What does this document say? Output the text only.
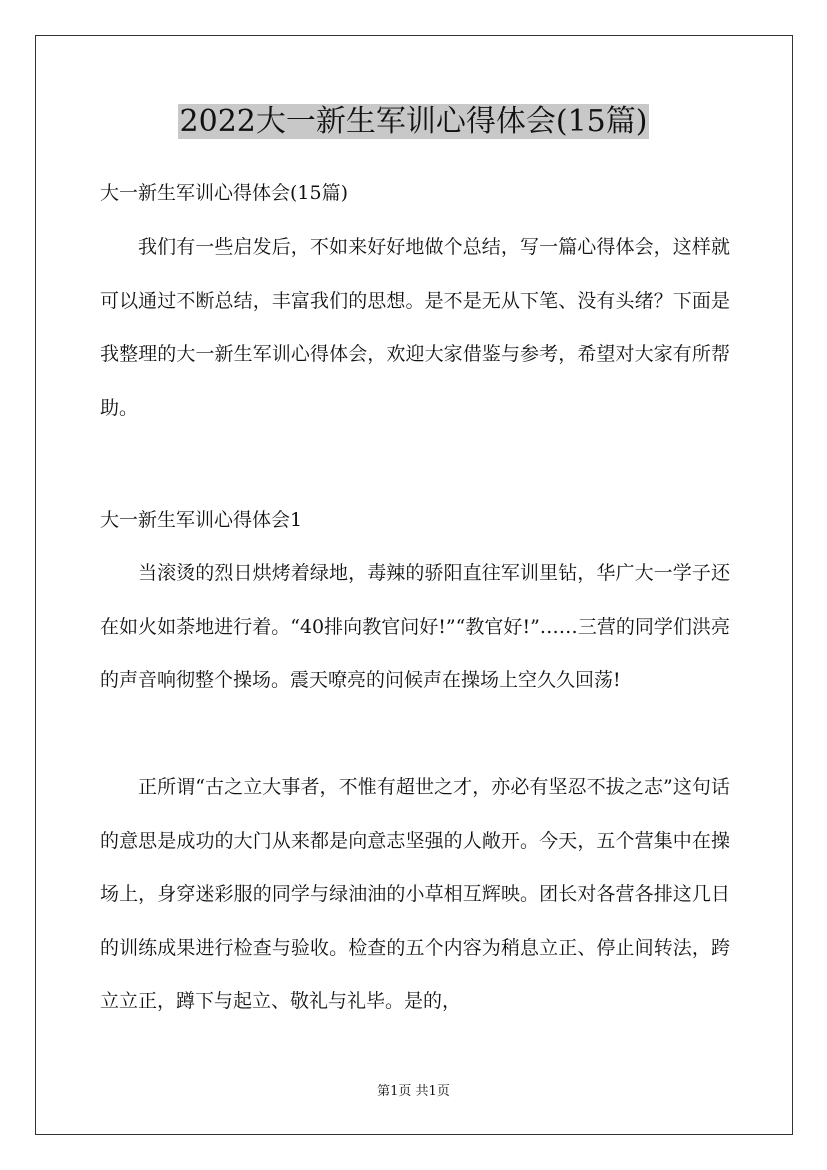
2022大一新生军训心得体会(15篇)

大一新生军训心得体会(15篇)

我们有一些启发后，不如来好好地做个总结，写一篇心得体会，这样就可以通过不断总结，丰富我们的思想。是不是无从下笔、没有头绪？下面是我整理的大一新生军训心得体会，欢迎大家借鉴与参考，希望对大家有所帮助。

大一新生军训心得体会1

当滚烫的烈日烘烤着绿地，毒辣的骄阳直往军训里钻，华广大一学子还在如火如荼地进行着。“40排向教官问好!”“教官好!”……三营的同学们洪亮的声音响彻整个操场。震天嘹亮的问候声在操场上空久久回荡!

正所谓“古之立大事者，不惟有超世之才，亦必有坚忍不拔之志”这句话的意思是成功的大门从来都是向意志坚强的人敞开。今天，五个营集中在操场上，身穿迷彩服的同学与绿油油的小草相互辉映。团长对各营各排这几日的训练成果进行检查与验收。检查的五个内容为稍息立正、停止间转法，跨立立正，蹲下与起立、敬礼与礼毕。是的，

第1页 共1页
